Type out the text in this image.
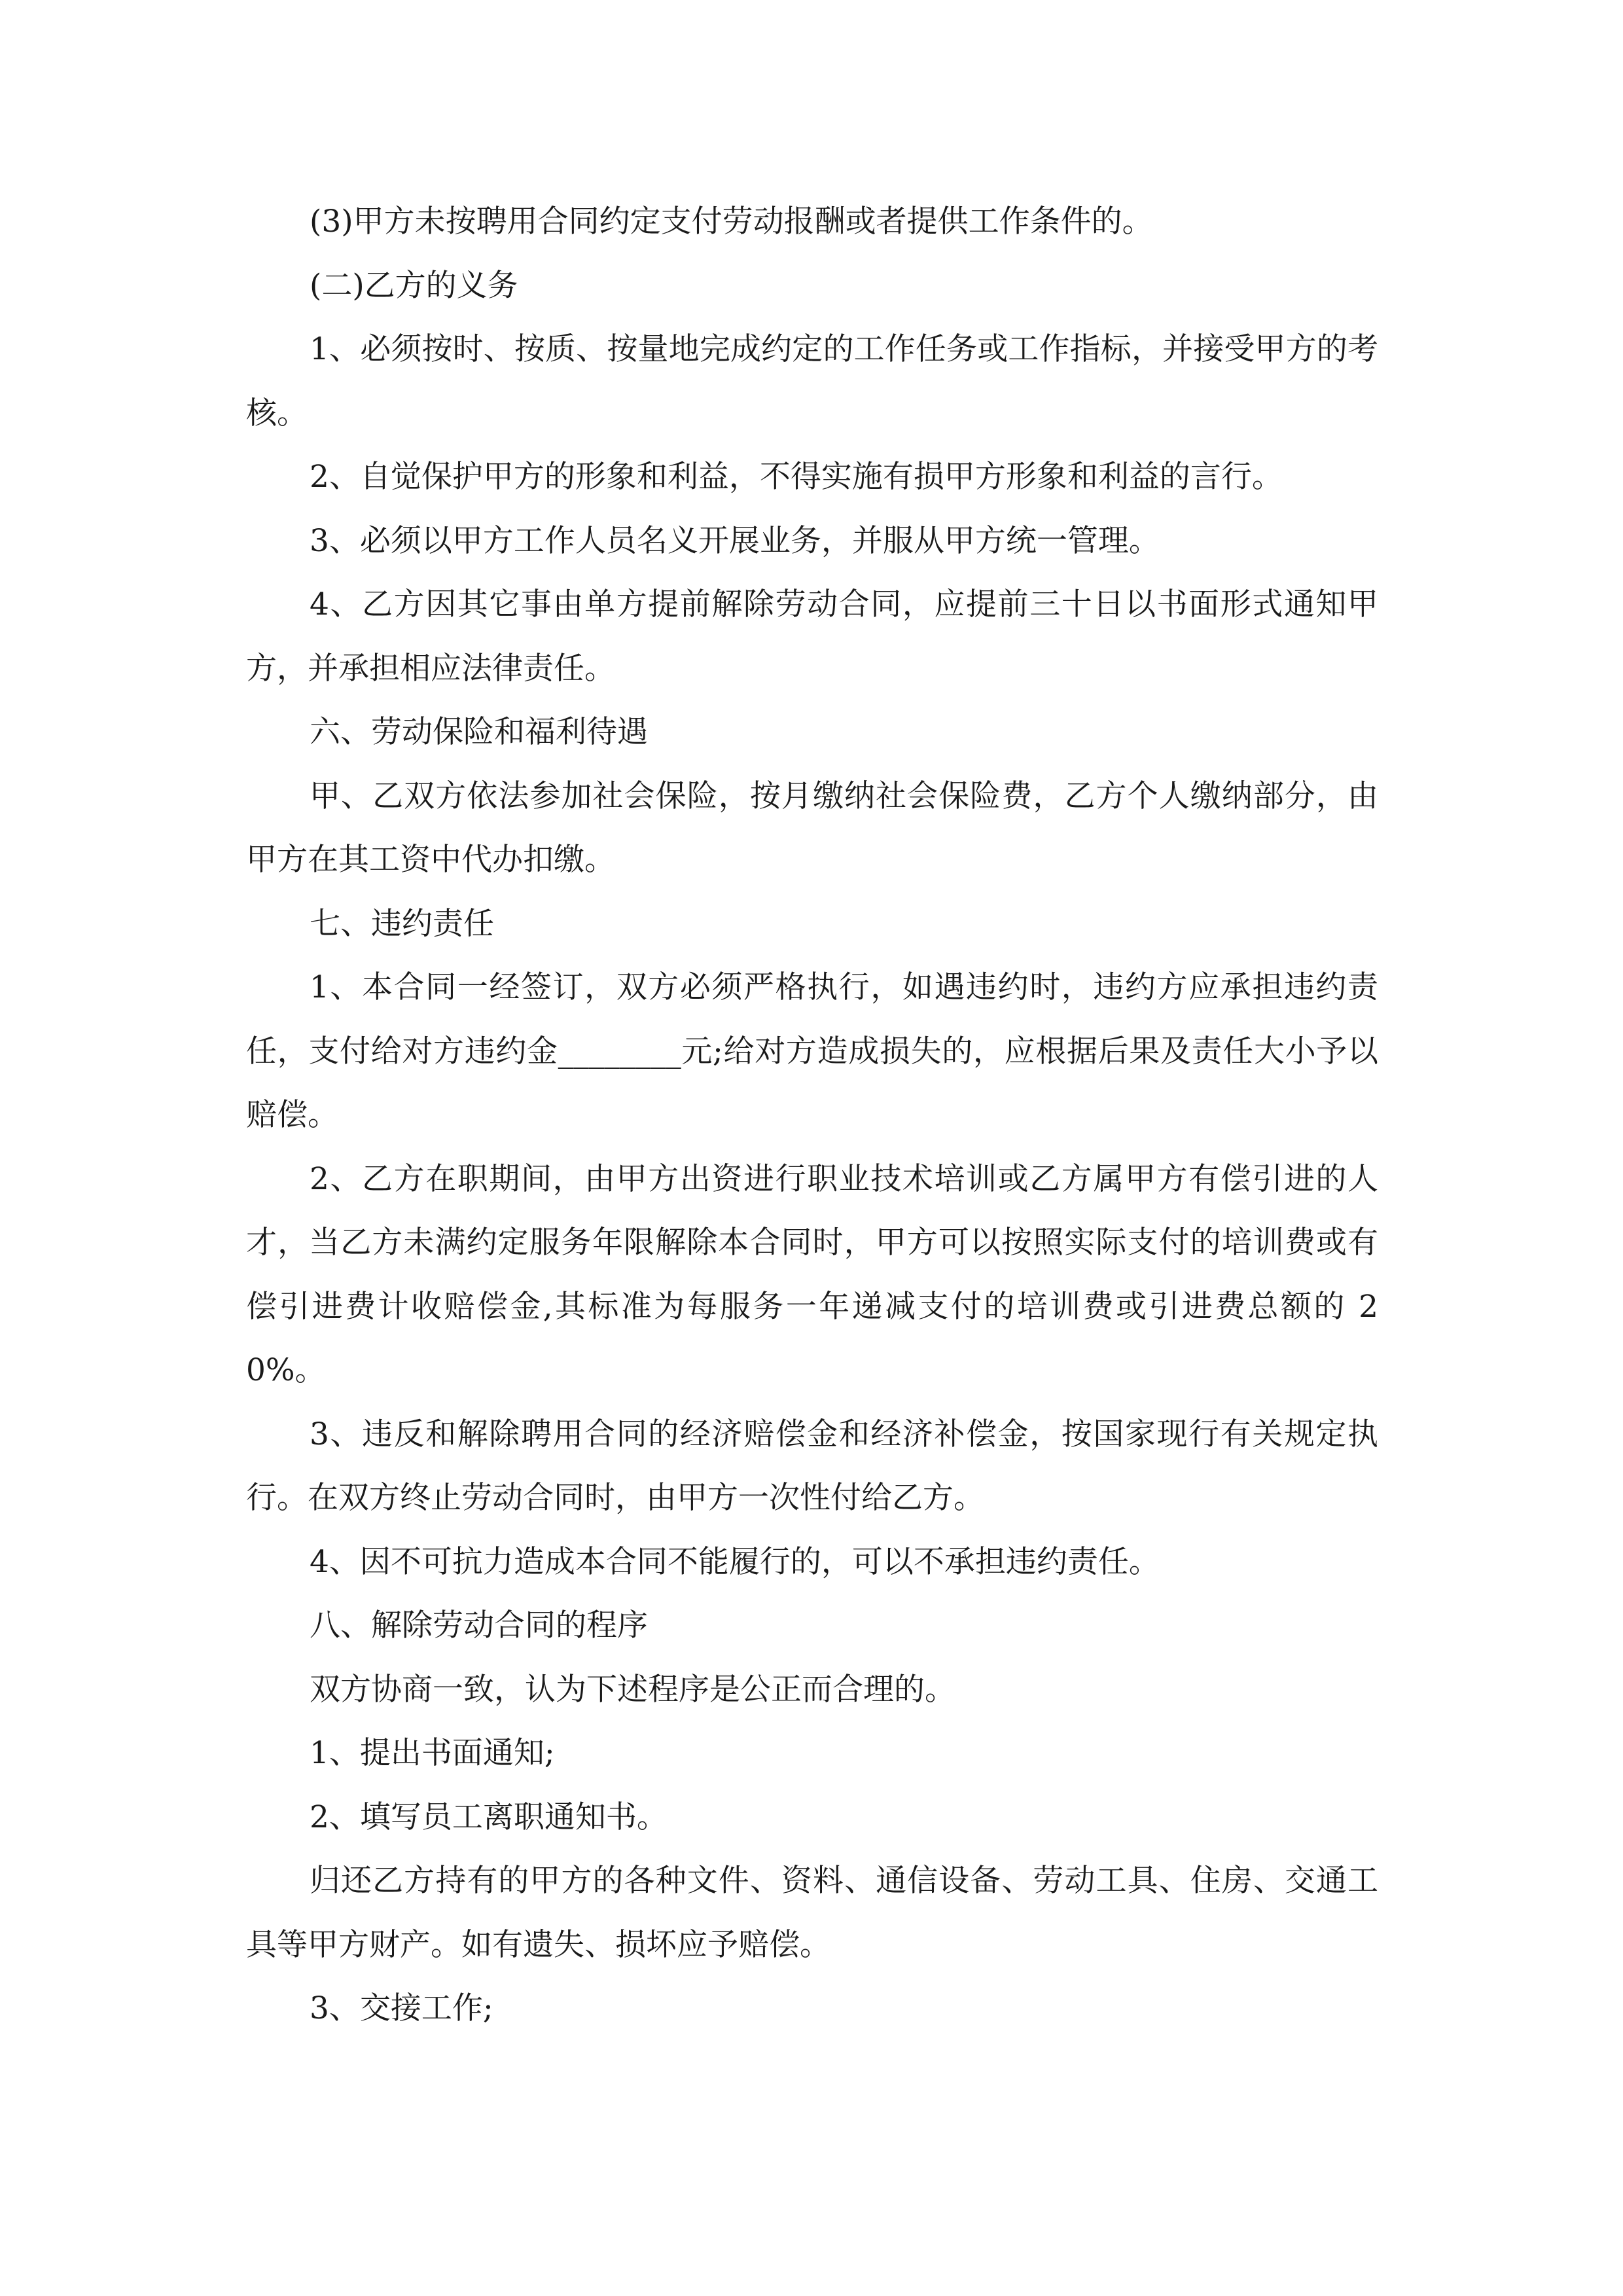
(3)甲方未按聘用合同约定支付劳动报酬或者提供工作条件的。

(二)乙方的义务

1、必须按时、按质、按量地完成约定的工作任务或工作指标，并接受甲方的考核。

2、自觉保护甲方的形象和利益，不得实施有损甲方形象和利益的言行。

3、必须以甲方工作人员名义开展业务，并服从甲方统一管理。

4、乙方因其它事由单方提前解除劳动合同，应提前三十日以书面形式通知甲方，并承担相应法律责任。

六、劳动保险和福利待遇

甲、乙双方依法参加社会保险，按月缴纳社会保险费，乙方个人缴纳部分，由甲方在其工资中代办扣缴。

七、违约责任

1、本合同一经签订，双方必须严格执行，如遇违约时，违约方应承担违约责任，支付给对方违约金________元;给对方造成损失的，应根据后果及责任大小予以赔偿。

2、乙方在职期间，由甲方出资进行职业技术培训或乙方属甲方有偿引进的人才，当乙方未满约定服务年限解除本合同时，甲方可以按照实际支付的培训费或有偿引进费计收赔偿金,其标准为每服务一年递减支付的培训费或引进费总额的 20%。

3、违反和解除聘用合同的经济赔偿金和经济补偿金，按国家现行有关规定执行。在双方终止劳动合同时，由甲方一次性付给乙方。

4、因不可抗力造成本合同不能履行的，可以不承担违约责任。

八、解除劳动合同的程序

双方协商一致，认为下述程序是公正而合理的。

1、提出书面通知;

2、填写员工离职通知书。

归还乙方持有的甲方的各种文件、资料、通信设备、劳动工具、住房、交通工具等甲方财产。如有遗失、损坏应予赔偿。

3、交接工作;
